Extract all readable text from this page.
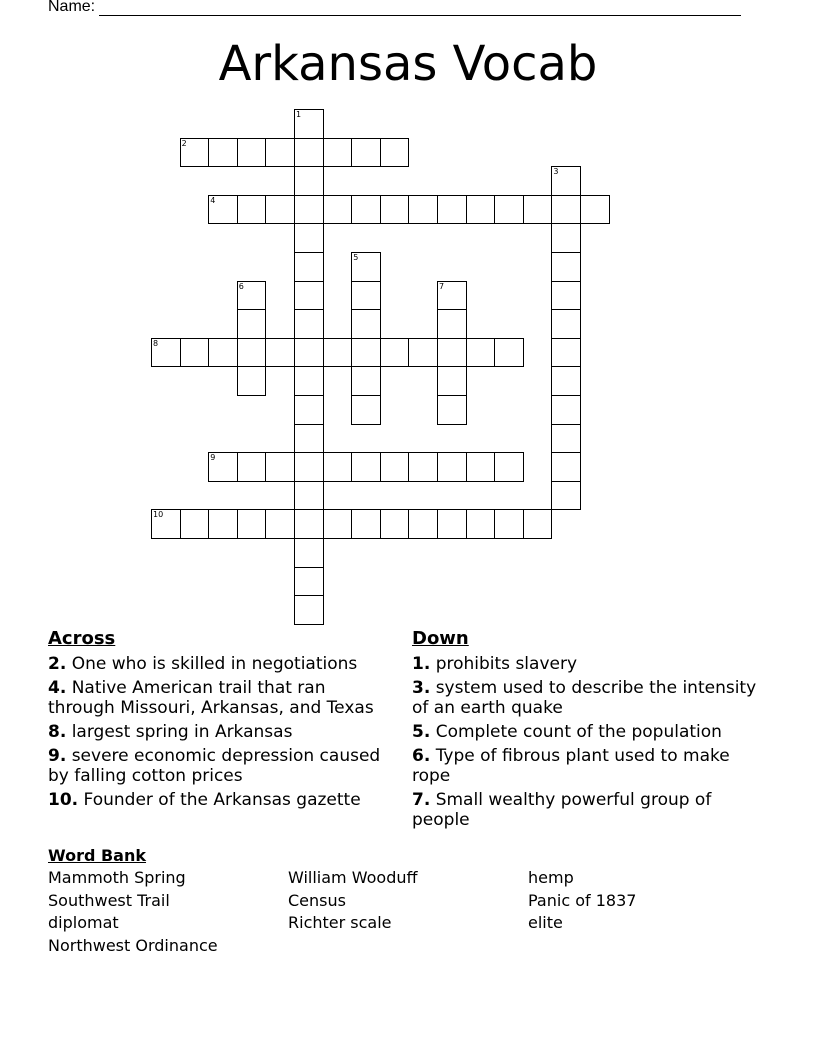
Name:
Arkansas Vocab
1
2
3
4
5
6	7
8
9
10
Across
2. One who is skilled in negotiations
4. Native American trail that ran through Missouri, Arkansas, and Texas
8. largest spring in Arkansas
9. severe economic depression caused by falling cotton prices
10. Founder of the Arkansas gazette
Down
1. prohibits slavery
3. system used to describe the intensity of an earth quake
5. Complete count of the population
6. Type of fibrous plant used to make rope
7. Small wealthy powerful group of people
Word Bank
Mammoth Spring
Southwest Trail
diplomat
Northwest Ordinance
William Wooduff
Census
Richter scale
hemp
Panic of 1837
elite
